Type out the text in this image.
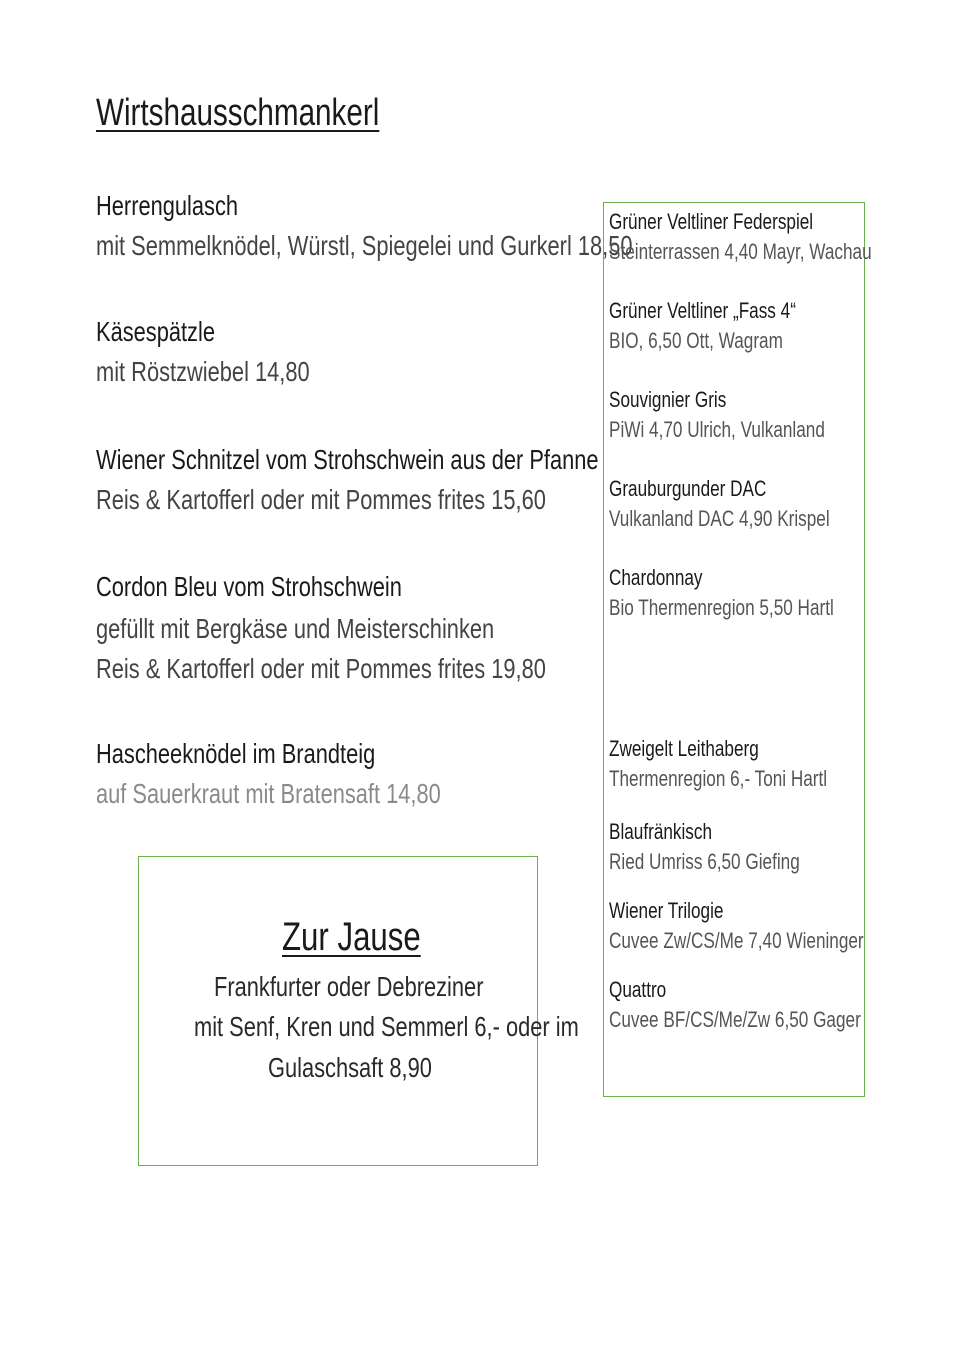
Wirtshausschmankerl
Herrengulasch
mit Semmelknödel, Würstl, Spiegelei und Gurkerl 18,50
Käsespätzle
mit Röstzwiebel 14,80
Wiener Schnitzel vom Strohschwein aus der Pfanne
Reis & Kartofferl oder mit Pommes frites 15,60
Cordon Bleu vom Strohschwein
gefüllt mit Bergkäse und Meisterschinken
Reis & Kartofferl oder mit Pommes frites 19,80
Hascheeknödel im Brandteig
auf Sauerkraut mit Bratensaft 14,80
Zur Jause
Frankfurter oder Debreziner
mit Senf, Kren und Semmerl 6,- oder im
Gulaschsaft 8,90
Grüner Veltliner Federspiel
Steinterrassen 4,40 Mayr, Wachau
Grüner Veltliner „Fass 4“
BIO, 6,50 Ott, Wagram
Souvignier Gris
PiWi 4,70 Ulrich, Vulkanland
Grauburgunder DAC
Vulkanland DAC 4,90 Krispel
Chardonnay
Bio Thermenregion 5,50 Hartl
Zweigelt Leithaberg
Thermenregion 6,- Toni Hartl
Blaufränkisch
Ried Umriss 6,50 Giefing
Wiener Trilogie
Cuvee Zw/CS/Me 7,40 Wieninger
Quattro
Cuvee BF/CS/Me/Zw 6,50 Gager
